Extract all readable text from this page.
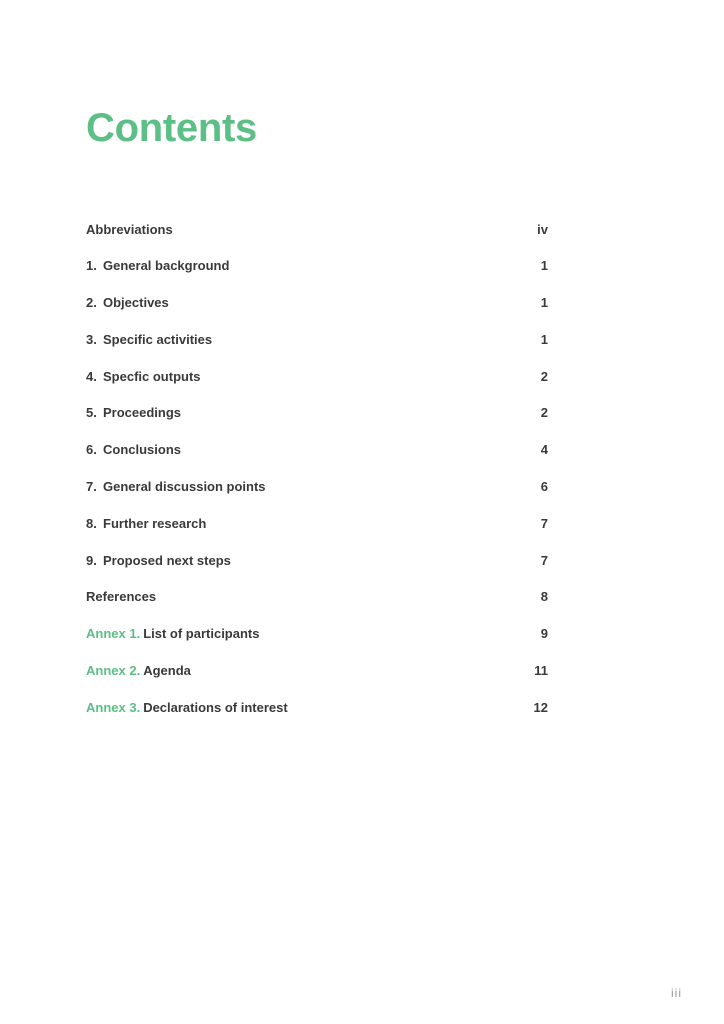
Contents
Abbreviations	iv
1. General background	1
2. Objectives	1
3. Specific activities	1
4. Specfic outputs	2
5. Proceedings	2
6. Conclusions	4
7. General discussion points	6
8. Further research	7
9. Proposed next steps	7
References	8
Annex 1. List of participants	9
Annex 2. Agenda	11
Annex 3. Declarations of interest	12
iii
